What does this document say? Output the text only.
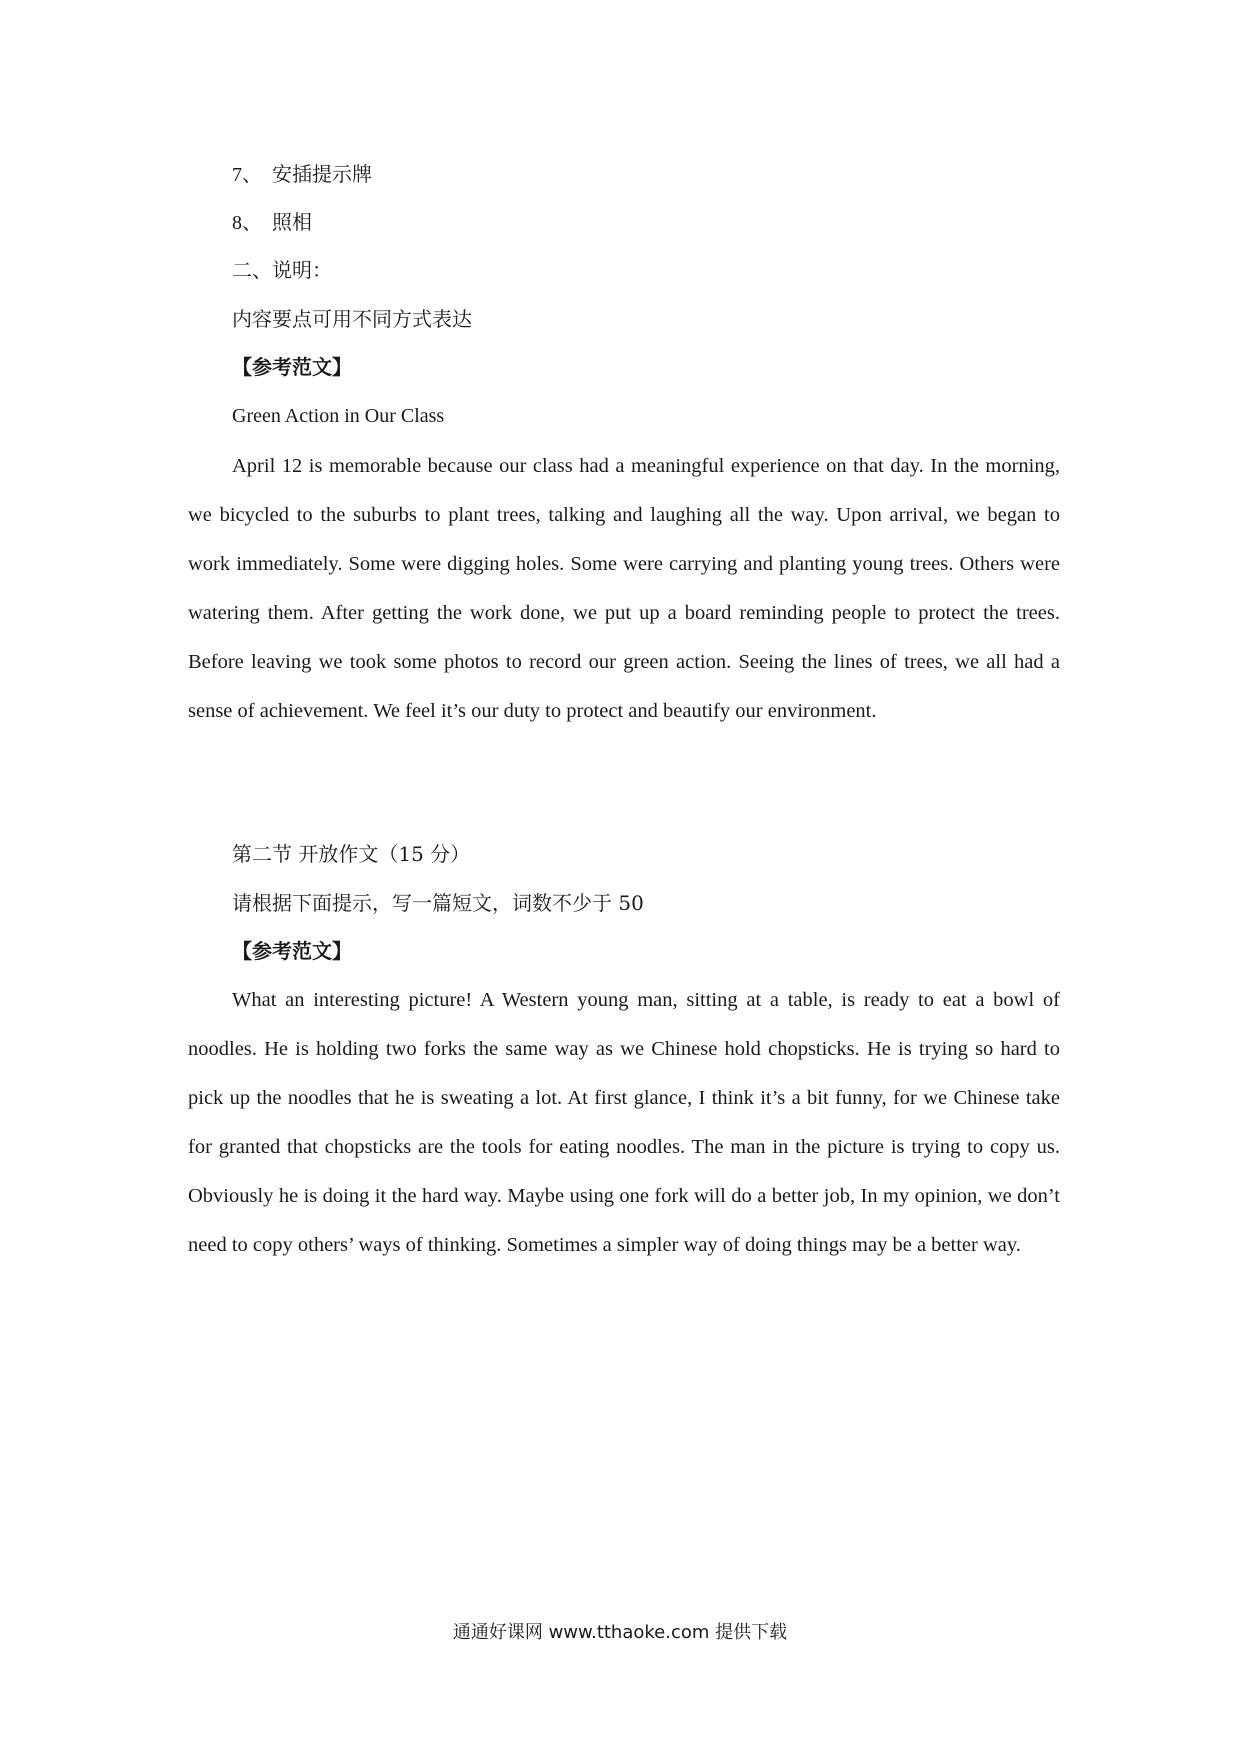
7、 安插提示牌
8、 照相
二、说明：
内容要点可用不同方式表达
【参考范文】
Green Action in Our Class

April 12 is memorable because our class had a meaningful experience on that day. In the morning, we bicycled to the suburbs to plant trees, talking and laughing all the way. Upon arrival, we began to work immediately. Some were digging holes. Some were carrying and planting young trees. Others were watering them. After getting the work done, we put up a board reminding people to protect the trees. Before leaving we took some photos to record our green action. Seeing the lines of trees, we all had a sense of achievement. We feel it’s our duty to protect and beautify our environment.

第二节 开放作文（15 分）
请根据下面提示，写一篇短文，词数不少于 50
【参考范文】

What an interesting picture! A Western young man, sitting at a table, is ready to eat a bowl of noodles. He is holding two forks the same way as we Chinese hold chopsticks. He is trying so hard to pick up the noodles that he is sweating a lot. At first glance, I think it’s a bit funny, for we Chinese take for granted that chopsticks are the tools for eating noodles. The man in the picture is trying to copy us. Obviously he is doing it the hard way. Maybe using one fork will do a better job, In my opinion, we don’t need to copy others’ ways of thinking. Sometimes a simpler way of doing things may be a better way.

通通好课网 www.tthaoke.com 提供下载
